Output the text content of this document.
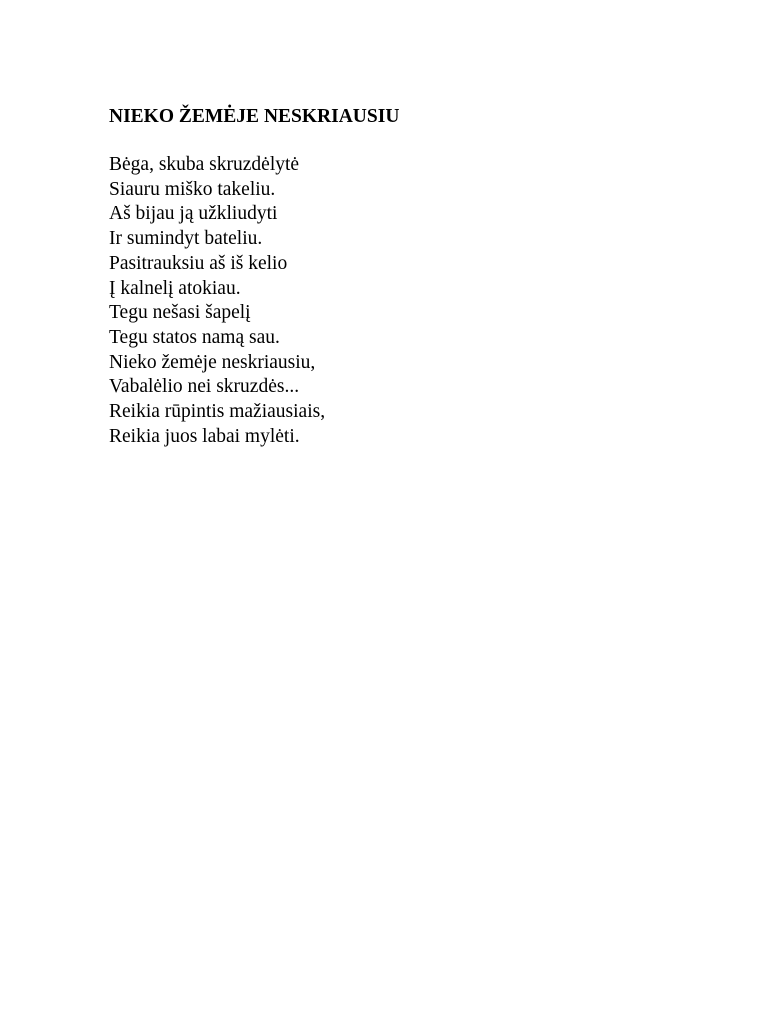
NIEKO ŽEMĖJE NESKRIAUSIU
Bėga, skuba skruzdėlytė
Siauru miško takeliu.
Aš bijau ją užkliudyti
Ir sumindyt bateliu.
Pasitrauksiu aš iš kelio
Į kalnelį atokiau.
Tegu nešasi šapelį
Tegu statos namą sau.
Nieko žemėje neskriausiu,
Vabalėlio nei skruzdės...
Reikia rūpintis mažiausiais,
Reikia juos labai mylėti.
